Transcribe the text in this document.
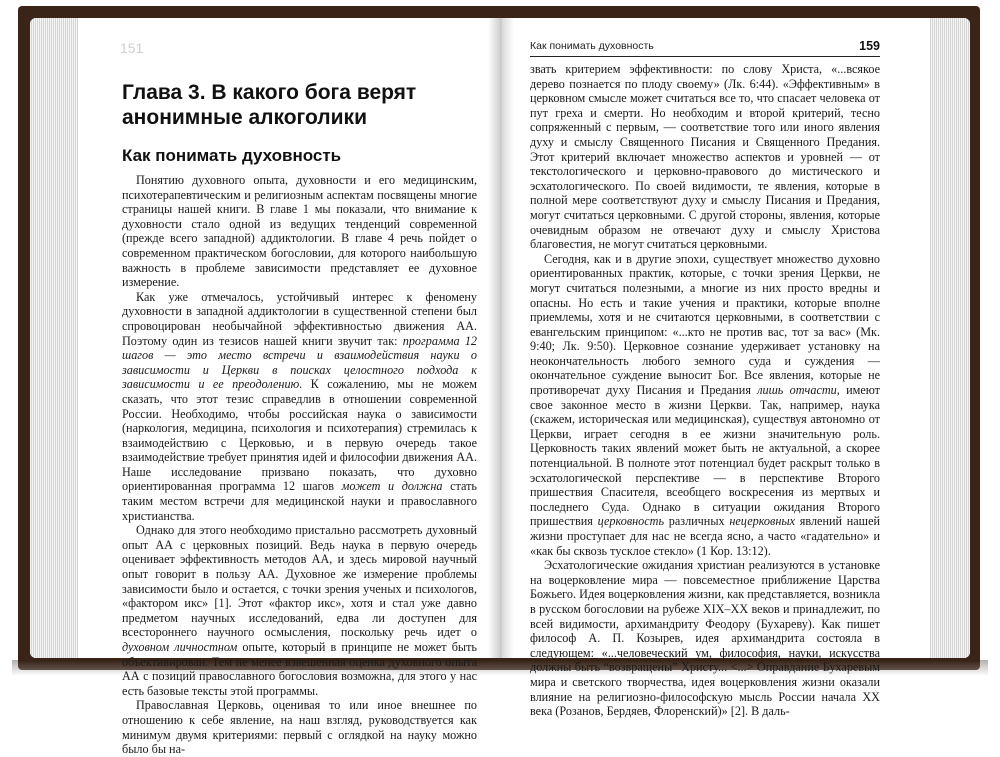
151
Глава 3. В какого бога верят анонимные алкоголики
Как понимать духовность

Понятию духовного опыта, духовности и его медицинским, психотерапевтическим и религиозным аспектам посвящены многие страницы нашей книги. В главе 1 мы показали, что внимание к духовности стало одной из ведущих тенденций современной (прежде всего западной) аддиктологии. В главе 4 речь пойдет о современном практическом богословии, для которого наибольшую важность в проблеме зависимости представляет ее духовное измерение.

Как уже отмечалось, устойчивый интерес к феномену духовности в западной аддиктологии в существенной степени был спровоцирован необычайной эффективностью движения АА. Поэтому один из тезисов нашей книги звучит так: программа 12 шагов — это место встречи и взаимодействия науки о зависимости и Церкви в поисках целостного подхода к зависимости и ее преодолению. К сожалению, мы не можем сказать, что этот тезис справедлив в отношении современной России. Необходимо, чтобы российская наука о зависимости (наркология, медицина, психология и психотерапия) стремилась к взаимодействию с Церковью, и в первую очередь такое взаимодействие требует принятия идей и философии движения АА. Наше исследование призвано показать, что духовно ориентированная программа 12 шагов может и должна стать таким местом встречи для медицинской науки и православного христианства.

Однако для этого необходимо пристально рассмотреть духовный опыт АА с церковных позиций. Ведь наука в первую очередь оценивает эффективность методов АА, и здесь мировой научный опыт говорит в пользу АА. Духовное же измерение проблемы зависимости было и остается, с точки зрения ученых и психологов, «фактором икс» [1]. Этот «фактор икс», хотя и стал уже давно предметом научных исследований, едва ли доступен для всестороннего научного осмысления, поскольку речь идет о духовном личностном опыте, который в принципе не может быть объективирован. Тем не менее взвешенная оценка духовного опыта АА с позиций православного богословия возможна, для этого у нас есть базовые тексты этой программы.

Православная Церковь, оценивая то или иное внешнее по отношению к себе явление, на наш взгляд, руководствуется как минимум двумя критериями: первый с оглядкой на науку можно было бы на-

Как понимать духовность	159

звать критерием эффективности: по слову Христа, «...всякое дерево познается по плоду своему» (Лк. 6:44). «Эффективным» в церковном смысле может считаться все то, что спасает человека от пут греха и смерти. Но необходим и второй критерий, тесно сопряженный с первым, — соответствие того или иного явления духу и смыслу Священного Писания и Священного Предания. Этот критерий включает множество аспектов и уровней — от текстологического и церковно-правового до мистического и эсхатологического. По своей видимости, те явления, которые в полной мере соответствуют духу и смыслу Писания и Предания, могут считаться церковными. С другой стороны, явления, которые очевидным образом не отвечают духу и смыслу Христова благовестия, не могут считаться церковными.

Сегодня, как и в другие эпохи, существует множество духовно ориентированных практик, которые, с точки зрения Церкви, не могут считаться полезными, а многие из них просто вредны и опасны. Но есть и такие учения и практики, которые вполне приемлемы, хотя и не считаются церковными, в соответствии с евангельским принципом: «...кто не против вас, тот за вас» (Мк. 9:40; Лк. 9:50). Церковное сознание удерживает установку на неокончательность любого земного суда и суждения — окончательное суждение выносит Бог. Все явления, которые не противоречат духу Писания и Предания лишь отчасти, имеют свое законное место в жизни Церкви. Так, например, наука (скажем, историческая или медицинская), существуя автономно от Церкви, играет сегодня в ее жизни значительную роль. Церковность таких явлений может быть не актуальной, а скорее потенциальной. В полноте этот потенциал будет раскрыт только в эсхатологической перспективе — в перспективе Второго пришествия Спасителя, всеобщего воскресения из мертвых и последнего Суда. Однако в ситуации ожидания Второго пришествия церковность различных нецерковных явлений нашей жизни проступает для нас не всегда ясно, а часто «гадательно» и «как бы сквозь тусклое стекло» (1 Кор. 13:12).

Эсхатологические ожидания христиан реализуются в установке на воцерковление мира — повсеместное приближение Царства Божьего. Идея воцерковления жизни, как представляется, возникла в русском богословии на рубеже XIX–XX веков и принадлежит, по всей видимости, архимандриту Феодору (Бухареву). Как пишет философ А. П. Козырев, идея архимандрита состояла в следующем: «...человеческий ум, философия, науки, искусства должны быть “возвращены” Христу... <...> Оправдание Бухаревым мира и светского творчества, идея воцерковления жизни оказали влияние на религиозно-философскую мысль России начала XX века (Розанов, Бердяев, Флоренский)» [2]. В даль-
